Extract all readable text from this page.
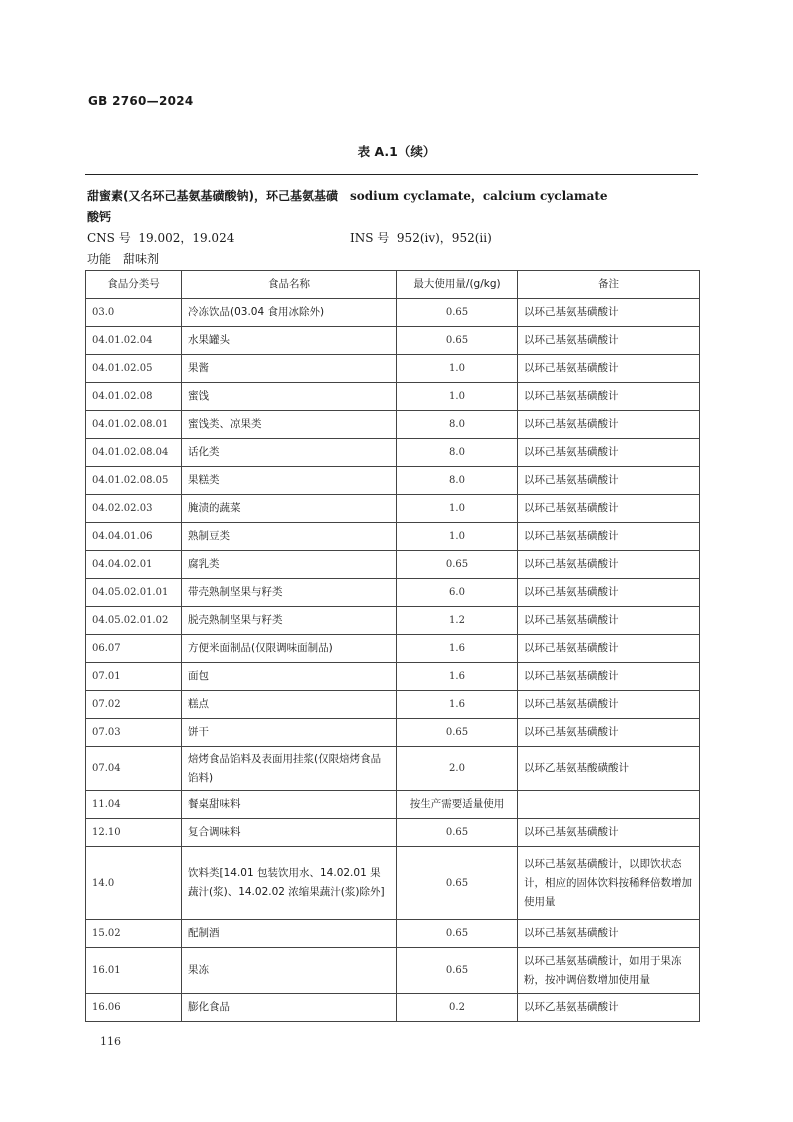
GB 2760—2024
表 A.1（续）
甜蜜素(又名环己基氨基磺酸钠)，环己基氨基磺酸钙
sodium cyclamate，calcium cyclamate
CNS 号 19.002，19.024	INS 号 952(iv)，952(ii)
功能 甜味剂
食品分类号	食品名称	最大使用量/(g/kg)	备注
03.0	冷冻饮品(03.04 食用冰除外)	0.65	以环己基氨基磺酸计
04.01.02.04	水果罐头	0.65	以环己基氨基磺酸计
04.01.02.05	果酱	1.0	以环己基氨基磺酸计
04.01.02.08	蜜饯	1.0	以环己基氨基磺酸计
04.01.02.08.01	蜜饯类、凉果类	8.0	以环己基氨基磺酸计
04.01.02.08.04	话化类	8.0	以环己基氨基磺酸计
04.01.02.08.05	果糕类	8.0	以环己基氨基磺酸计
04.02.02.03	腌渍的蔬菜	1.0	以环己基氨基磺酸计
04.04.01.06	熟制豆类	1.0	以环己基氨基磺酸计
04.04.02.01	腐乳类	0.65	以环己基氨基磺酸计
04.05.02.01.01	带壳熟制坚果与籽类	6.0	以环己基氨基磺酸计
04.05.02.01.02	脱壳熟制坚果与籽类	1.2	以环己基氨基磺酸计
06.07	方便米面制品(仅限调味面制品)	1.6	以环己基氨基磺酸计
07.01	面包	1.6	以环己基氨基磺酸计
07.02	糕点	1.6	以环己基氨基磺酸计
07.03	饼干	0.65	以环己基氨基磺酸计
07.04	焙烤食品馅料及表面用挂浆(仅限焙烤食品馅料)	2.0	以环乙基氨基酸磺酸计
11.04	餐桌甜味料	按生产需要适量使用	
12.10	复合调味料	0.65	以环己基氨基磺酸计
14.0	饮料类[14.01 包装饮用水、14.02.01 果蔬汁(浆)、14.02.02 浓缩果蔬汁(浆)除外]	0.65	以环己基氨基磺酸计，以即饮状态计，相应的固体饮料按稀释倍数增加使用量
15.02	配制酒	0.65	以环己基氨基磺酸计
16.01	果冻	0.65	以环己基氨基磺酸计，如用于果冻粉，按冲调倍数增加使用量
16.06	膨化食品	0.2	以环乙基氨基磺酸计
116
